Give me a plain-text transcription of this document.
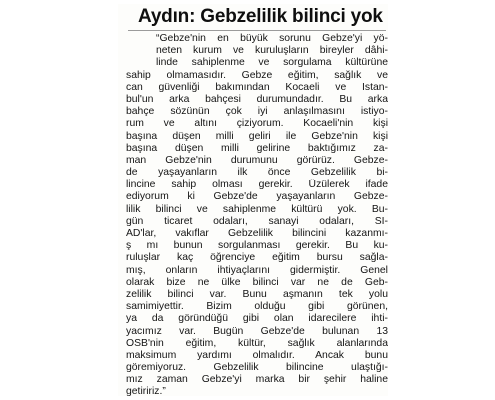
Aydın: Gebzelilik bilinci yok
“Gebze'nin en büyük sorunu Gebze'yi yö-
neten kurum ve kuruluşların bireyler dâhi-
linde sahiplenme ve sorgulama kültürüne
sahip olmamasıdır. Gebze eğitim, sağlık ve
can güvenliği bakımından Kocaeli ve İstan-
bul'un arka bahçesi durumundadır. Bu arka
bahçe sözünün çok iyi anlaşılmasını istiyo-
rum ve altını çiziyorum. Kocaeli'nin kişi
başına düşen milli geliri ile Gebze'nin kişi
başına düşen milli gelirine baktığımız za-
man Gebze'nin durumunu görürüz. Gebze-
de yaşayanların ilk önce Gebzelilik bi-
lincine sahip olması gerekir. Üzülerek ifade
ediyorum ki Gebze'de yaşayanların Gebze-
lilik bilinci ve sahiplenme kültürü yok. Bu-
gün ticaret odaları, sanayi odaları, Sİ-
AD'lar, vakıflar Gebzelilik bilincini kazanmı-
ş mı bunun sorgulanması gerekir. Bu ku-
ruluşlar kaç öğrenciye eğitim bursu sağla-
mış, onların ihtiyaçlarını gidermiştir. Genel
olarak bize ne ülke bilinci var ne de Geb-
zelilik bilinci var. Bunu aşmanın tek yolu
samimiyettir. Bizim olduğu gibi görünen,
ya da göründüğü gibi olan idarecilere ihti-
yacımız var. Bugün Gebze'de bulunan 13
OSB'nin eğitim, kültür, sağlık alanlarında
maksimum yardımı olmalıdır. Ancak bunu
göremiyoruz. Gebzelilik bilincine ulaştığı-
mız zaman Gebze'yi marka bir şehir haline
getiririz.”
